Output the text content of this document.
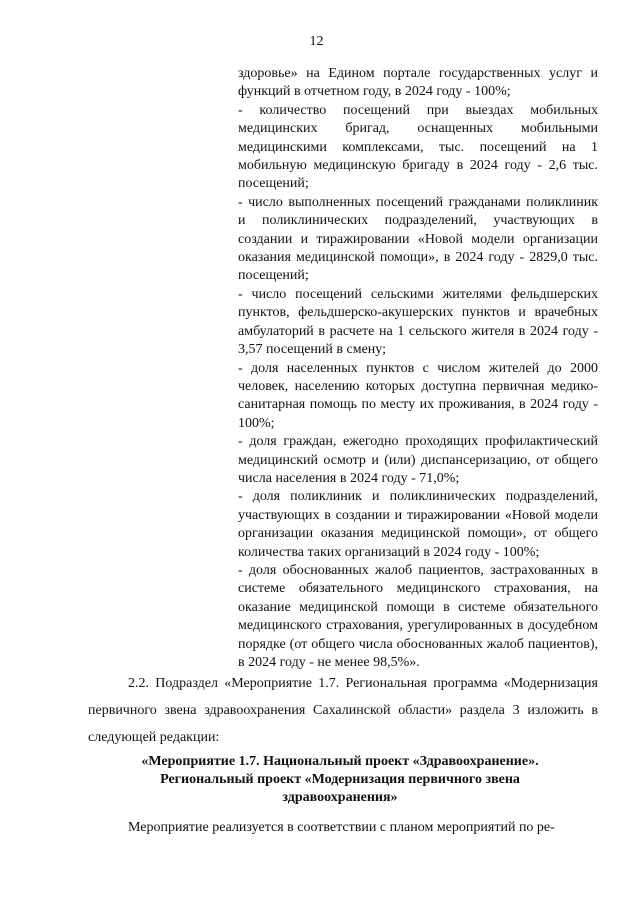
12

здоровье» на Едином портале государственных услуг и функций в отчетном году, в 2024 году - 100%;

- количество посещений при выездах мобильных медицинских бригад, оснащенных мобильными медицинскими комплексами, тыс. посещений на 1 мобильную медицинскую бригаду в 2024 году - 2,6 тыс. посещений;

- число выполненных посещений гражданами поликлиник и поликлинических подразделений, участвующих в создании и тиражировании «Новой модели организации оказания медицинской помощи», в 2024 году - 2829,0 тыс. посещений;

- число посещений сельскими жителями фельдшерских пунктов, фельдшерско-акушерских пунктов и врачебных амбулаторий в расчете на 1 сельского жителя в 2024 году - 3,57 посещений в смену;

- доля населенных пунктов с числом жителей до 2000 человек, населению которых доступна первичная медико-санитарная помощь по месту их проживания, в 2024 году - 100%;

- доля граждан, ежегодно проходящих профилактический медицинский осмотр и (или) диспансеризацию, от общего числа населения в 2024 году - 71,0%;

- доля поликлиник и поликлинических подразделений, участвующих в создании и тиражировании «Новой модели организации оказания медицинской помощи», от общего количества таких организаций в 2024 году - 100%;

- доля обоснованных жалоб пациентов, застрахованных в системе обязательного медицинского страхования, на оказание медицинской помощи в системе обязательного медицинского страхования, урегулированных в досудебном порядке (от общего числа обоснованных жалоб пациентов), в 2024 году - не менее 98,5%».

2.2. Подраздел «Мероприятие 1.7. Региональная программа «Модернизация первичного звена здравоохранения Сахалинской области» раздела 3 изложить в следующей редакции:
«Мероприятие 1.7. Национальный проект «Здравоохранение».
Региональный проект «Модернизация первичного звена здравоохранения»
Мероприятие реализуется в соответствии с планом мероприятий по ре-
